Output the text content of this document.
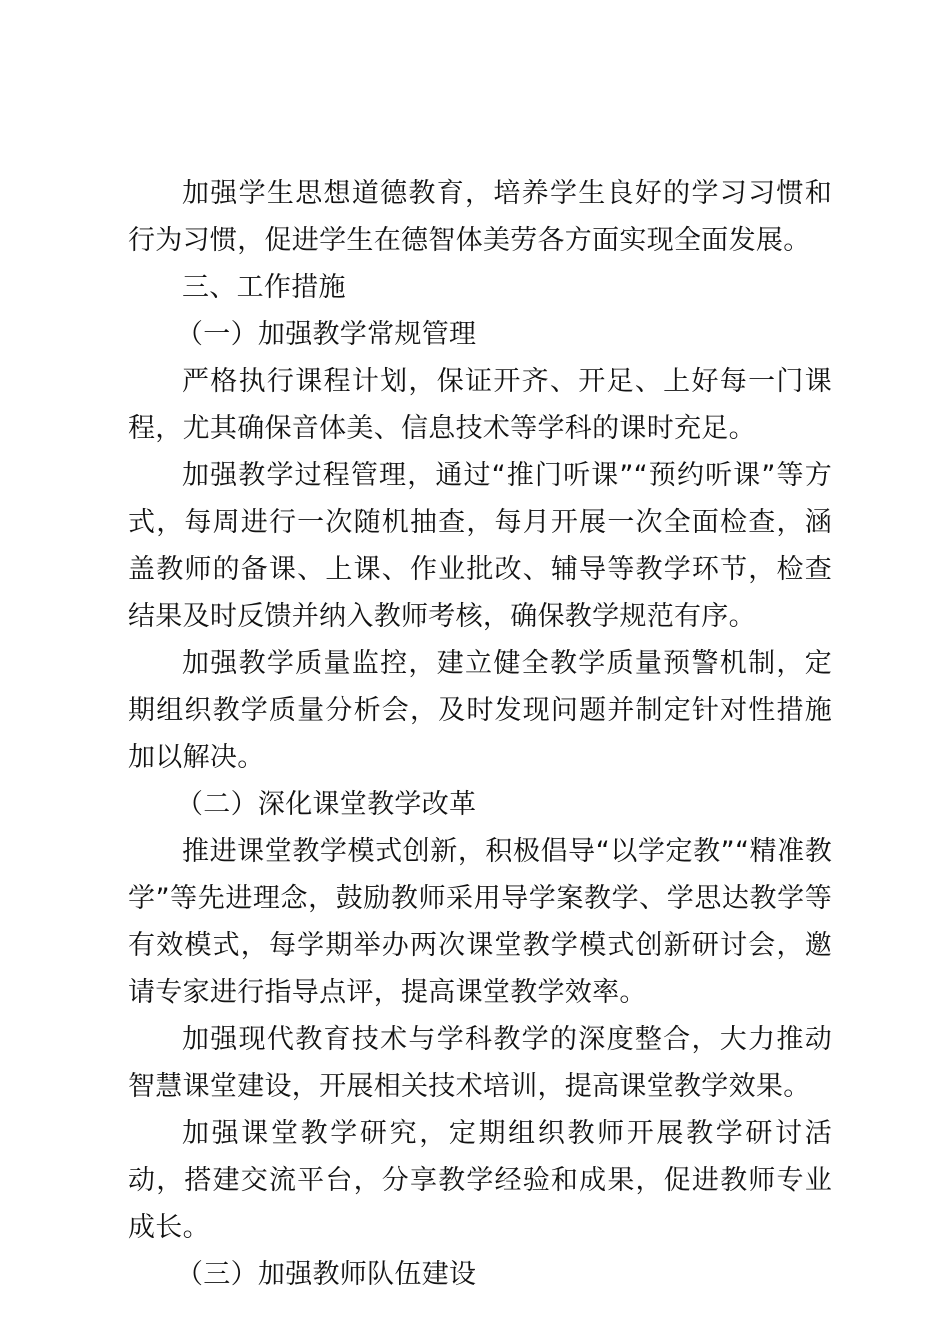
加强学生思想道德教育，培养学生良好的学习习惯和行为习惯，促进学生在德智体美劳各方面实现全面发展。

三、工作措施

（一）加强教学常规管理

严格执行课程计划，保证开齐、开足、上好每一门课程，尤其确保音体美、信息技术等学科的课时充足。

加强教学过程管理，通过“推门听课”“预约听课”等方式，每周进行一次随机抽查，每月开展一次全面检查，涵盖教师的备课、上课、作业批改、辅导等教学环节，检查结果及时反馈并纳入教师考核，确保教学规范有序。

加强教学质量监控，建立健全教学质量预警机制，定期组织教学质量分析会，及时发现问题并制定针对性措施加以解决。

（二）深化课堂教学改革

推进课堂教学模式创新，积极倡导“以学定教”“精准教学”等先进理念，鼓励教师采用导学案教学、学思达教学等有效模式，每学期举办两次课堂教学模式创新研讨会，邀请专家进行指导点评，提高课堂教学效率。

加强现代教育技术与学科教学的深度整合，大力推动智慧课堂建设，开展相关技术培训，提高课堂教学效果。

加强课堂教学研究，定期组织教师开展教学研讨活动，搭建交流平台，分享教学经验和成果，促进教师专业成长。

（三）加强教师队伍建设
